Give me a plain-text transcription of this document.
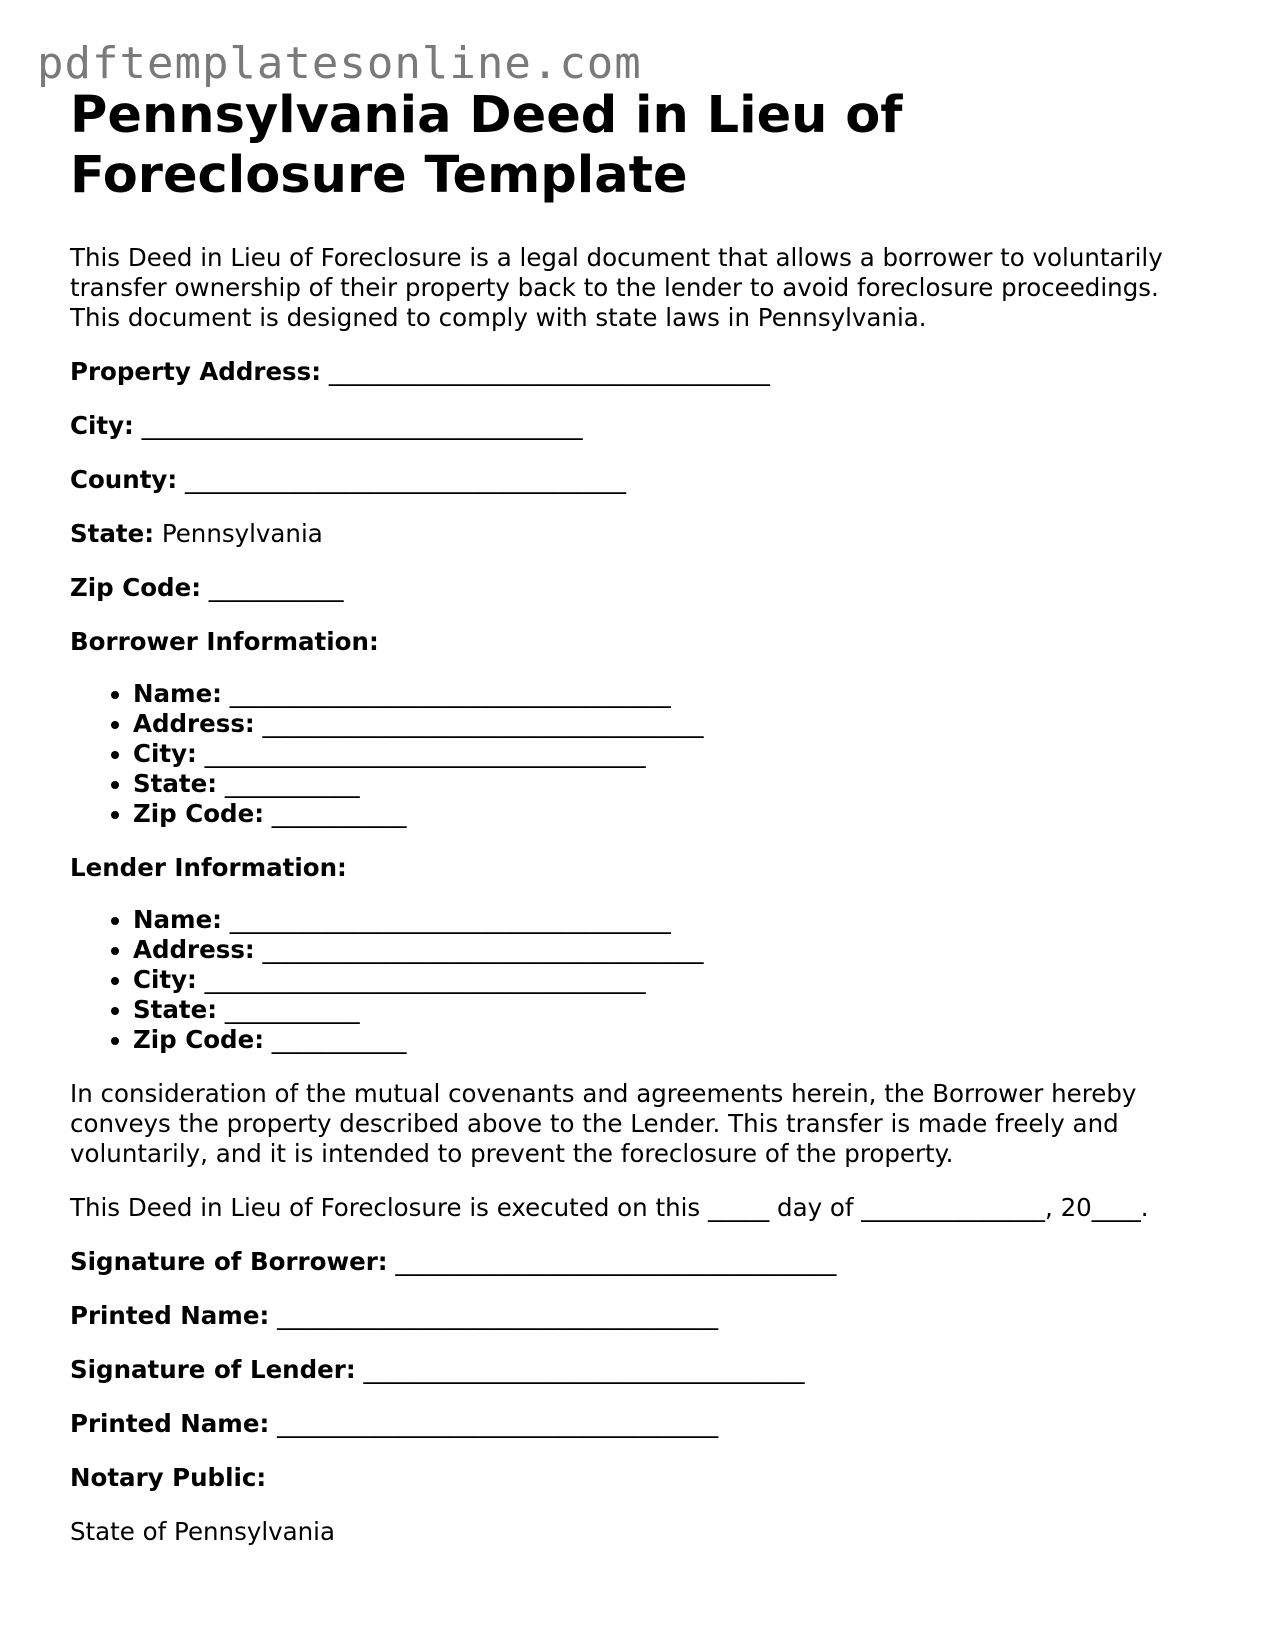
pdftemplatesonline.com
Pennsylvania Deed in Lieu of Foreclosure Template

This Deed in Lieu of Foreclosure is a legal document that allows a borrower to voluntarily transfer ownership of their property back to the lender to avoid foreclosure proceedings. This document is designed to comply with state laws in Pennsylvania.

Property Address: ____________________________________

City: ____________________________________

County: ____________________________________

State: Pennsylvania

Zip Code: ___________

Borrower Information:

• Name: ____________________________________
• Address: ____________________________________
• City: ____________________________________
• State: ___________
• Zip Code: ___________

Lender Information:

• Name: ____________________________________
• Address: ____________________________________
• City: ____________________________________
• State: ___________
• Zip Code: ___________

In consideration of the mutual covenants and agreements herein, the Borrower hereby conveys the property described above to the Lender. This transfer is made freely and voluntarily, and it is intended to prevent the foreclosure of the property.

This Deed in Lieu of Foreclosure is executed on this _____ day of _______________, 20____.

Signature of Borrower: ____________________________________

Printed Name: ____________________________________

Signature of Lender: ____________________________________

Printed Name: ____________________________________

Notary Public:

State of Pennsylvania
